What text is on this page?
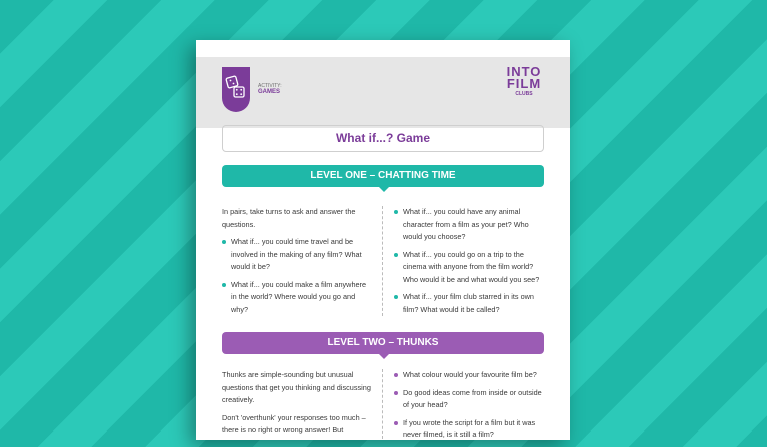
ACTIVITY:
GAMES
INTO
FILM
CLUBS
What if...? Game
LEVEL ONE – CHATTING TIME

In pairs, take turns to ask and answer the questions.

What if... you could time travel and be involved in the making of any film? What would it be?
What if... you could make a film anywhere in the world? Where would you go and why?
What if... you could have any animal character from a film as your pet? Who would you choose?
What if... you could go on a trip to the cinema with anyone from the film world? Who would it be and what would you see?
What if... your film club starred in its own film? What would it be called?
LEVEL TWO – THUNKS

Thunks are simple-sounding but unusual questions that get you thinking and discussing creatively.

Don't 'overthunk' your responses too much – there is no right or wrong answer! But

What colour would your favourite film be?
Do good ideas come from inside or outside of your head?
If you wrote the script for a film but it was never filmed, is it still a film?
